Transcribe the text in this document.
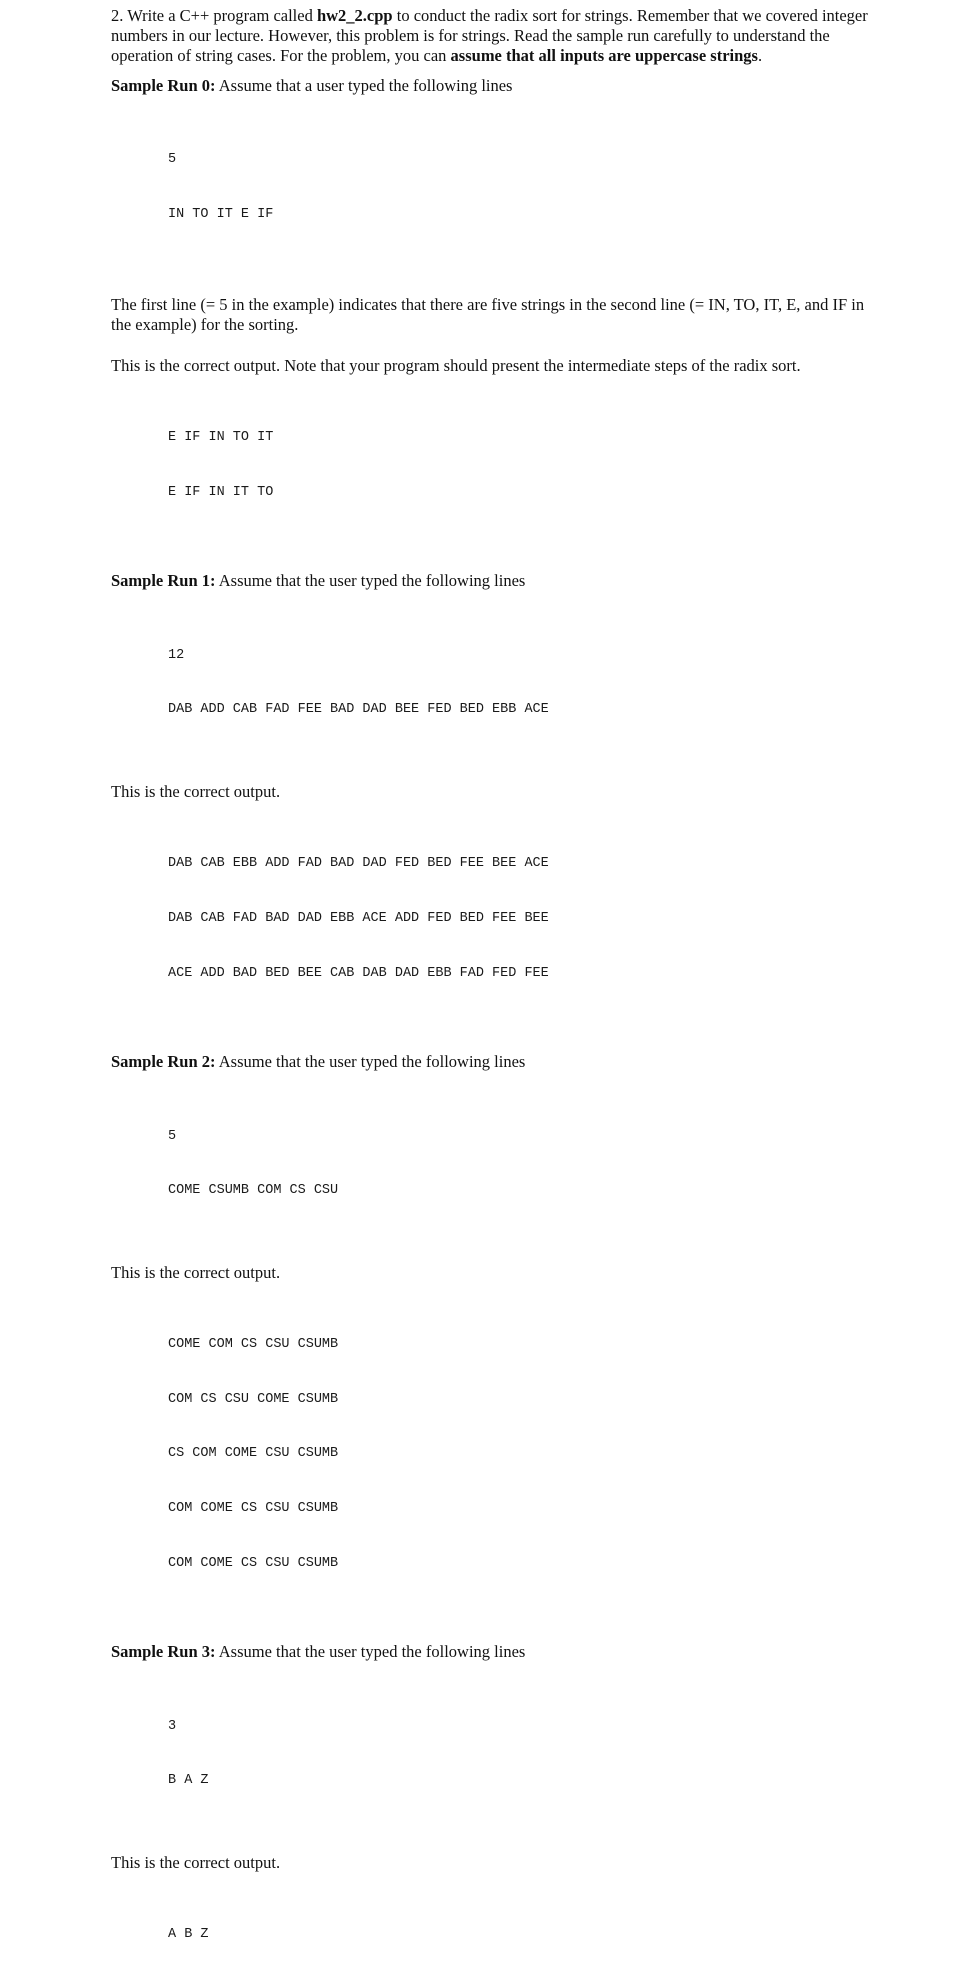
2. Write a C++ program called hw2_2.cpp to conduct the radix sort for strings. Remember that we covered integer numbers in our lecture. However, this problem is for strings. Read the sample run carefully to understand the operation of string cases. For the problem, you can assume that all inputs are uppercase strings.

Sample Run 0: Assume that a user typed the following lines

5

IN TO IT E IF

The first line (= 5 in the example) indicates that there are five strings in the second line (= IN, TO, IT, E, and IF in the example) for the sorting.

This is the correct output. Note that your program should present the intermediate steps of the radix sort.

E IF IN TO IT

E IF IN IT TO

Sample Run 1: Assume that the user typed the following lines

12

DAB ADD CAB FAD FEE BAD DAD BEE FED BED EBB ACE

This is the correct output.

DAB CAB EBB ADD FAD BAD DAD FED BED FEE BEE ACE

DAB CAB FAD BAD DAD EBB ACE ADD FED BED FEE BEE

ACE ADD BAD BED BEE CAB DAB DAD EBB FAD FED FEE

Sample Run 2: Assume that the user typed the following lines

5

COME CSUMB COM CS CSU

This is the correct output.

COME COM CS CSU CSUMB

COM CS CSU COME CSUMB

CS COM COME CSU CSUMB

COM COME CS CSU CSUMB

COM COME CS CSU CSUMB

Sample Run 3: Assume that the user typed the following lines

3

B A Z

This is the correct output.

A B Z
